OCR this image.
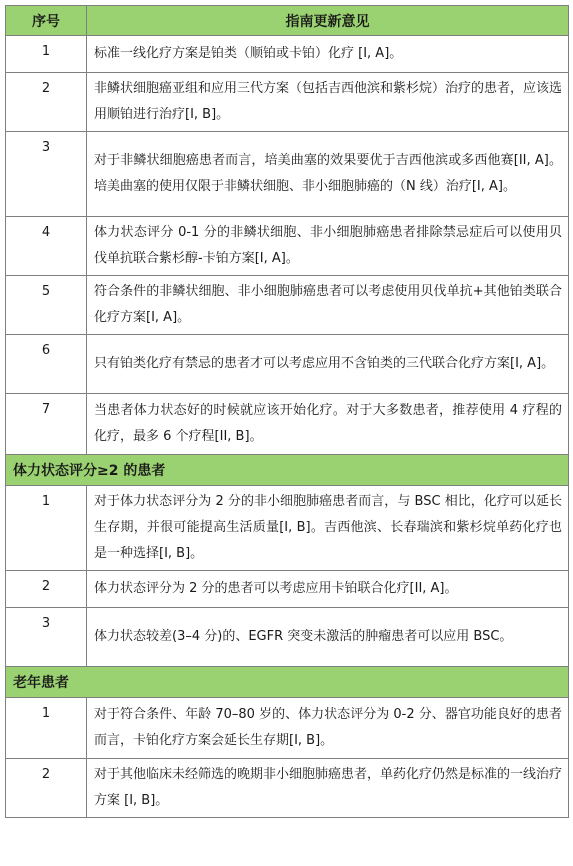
序号	指南更新意见
1	标准一线化疗方案是铂类（顺铂或卡铂）化疗 [I, A]。
2	非鳞状细胞癌亚组和应用三代方案（包括吉西他滨和紫杉烷）治疗的患者，应该选用顺铂进行治疗[I, B]。
3	对于非鳞状细胞癌患者而言，培美曲塞的效果要优于吉西他滨或多西他赛[II, A]。培美曲塞的使用仅限于非鳞状细胞、非小细胞肺癌的（N 线）治疗[I, A]。
4	体力状态评分 0-1 分的非鳞状细胞、非小细胞肺癌患者排除禁忌症后可以使用贝伐单抗联合紫杉醇-卡铂方案[I, A]。
5	符合条件的非鳞状细胞、非小细胞肺癌患者可以考虑使用贝伐单抗+其他铂类联合化疗方案[I, A]。
6	只有铂类化疗有禁忌的患者才可以考虑应用不含铂类的三代联合化疗方案[I, A]。
7	当患者体力状态好的时候就应该开始化疗。对于大多数患者，推荐使用 4 疗程的化疗，最多 6 个疗程[II, B]。
体力状态评分≥2 的患者	
1	对于体力状态评分为 2 分的非小细胞肺癌患者而言，与 BSC 相比，化疗可以延长生存期，并很可能提高生活质量[I, B]。吉西他滨、长春瑞滨和紫杉烷单药化疗也是一种选择[I, B]。
2	体力状态评分为 2 分的患者可以考虑应用卡铂联合化疗[II, A]。
3	体力状态较差(3–4 分)的、EGFR 突变未激活的肿瘤患者可以应用 BSC。
老年患者	
1	对于符合条件、年龄 70–80 岁的、体力状态评分为 0-2 分、器官功能良好的患者而言，卡铂化疗方案会延长生存期[I, B]。
2	对于其他临床未经筛选的晚期非小细胞肺癌患者，单药化疗仍然是标准的一线治疗方案 [I, B]。
